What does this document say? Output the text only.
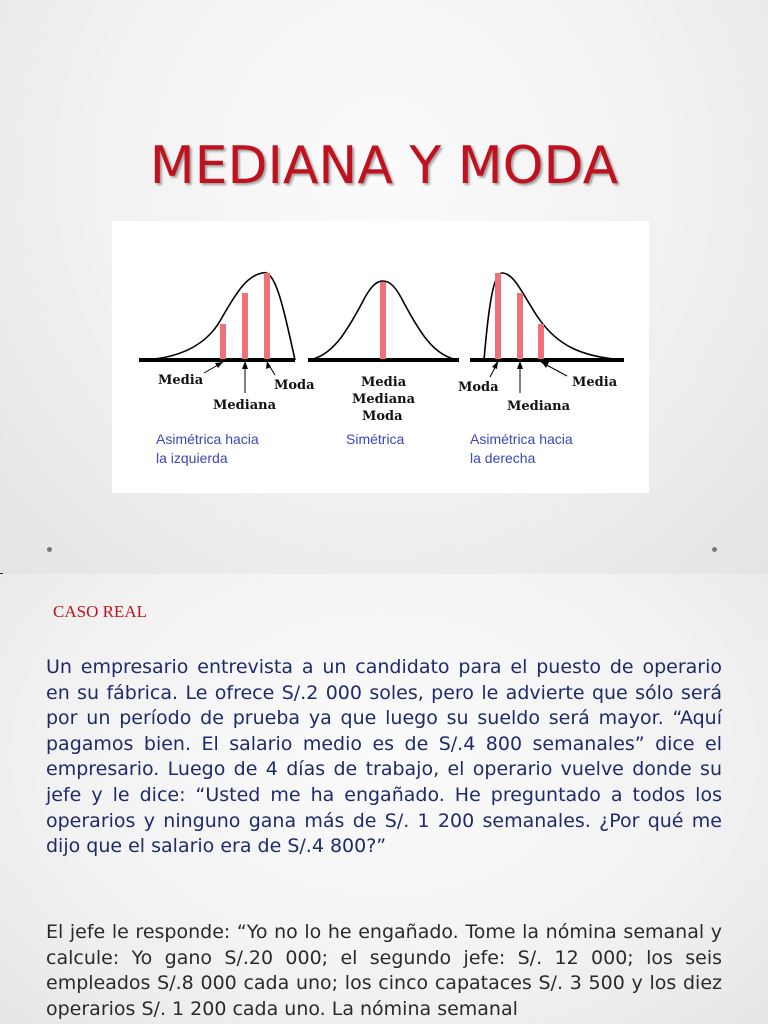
MEDIANA Y MODA
Media
Mediana
Moda	Media
Mediana
Moda
Moda
Mediana
Media
Asimétrica hacia
la izquierda
Simétrica	Asimétrica hacia
la derecha
CASO REAL
Un empresario entrevista a un candidato para el puesto de operario en su fábrica. Le ofrece S/.2 000 soles, pero le advierte que sólo será por un período de prueba ya que luego su sueldo será mayor. “Aquí pagamos bien. El salario medio es de S/.4 800 semanales” dice el empresario. Luego de 4 días de trabajo, el operario vuelve donde su jefe y le dice: “Usted me ha engañado. He preguntado a todos los operarios y ninguno gana más de S/. 1 200 semanales. ¿Por qué me dijo que el salario era de S/.4 800?”
El jefe le responde: “Yo no lo he engañado. Tome la nómina semanal y calcule: Yo gano S/.20 000; el segundo jefe: S/. 12 000; los seis empleados S/.8 000 cada uno; los cinco capataces S/. 3 500 y los diez operarios S/. 1 200 cada uno. La nómina semanal
